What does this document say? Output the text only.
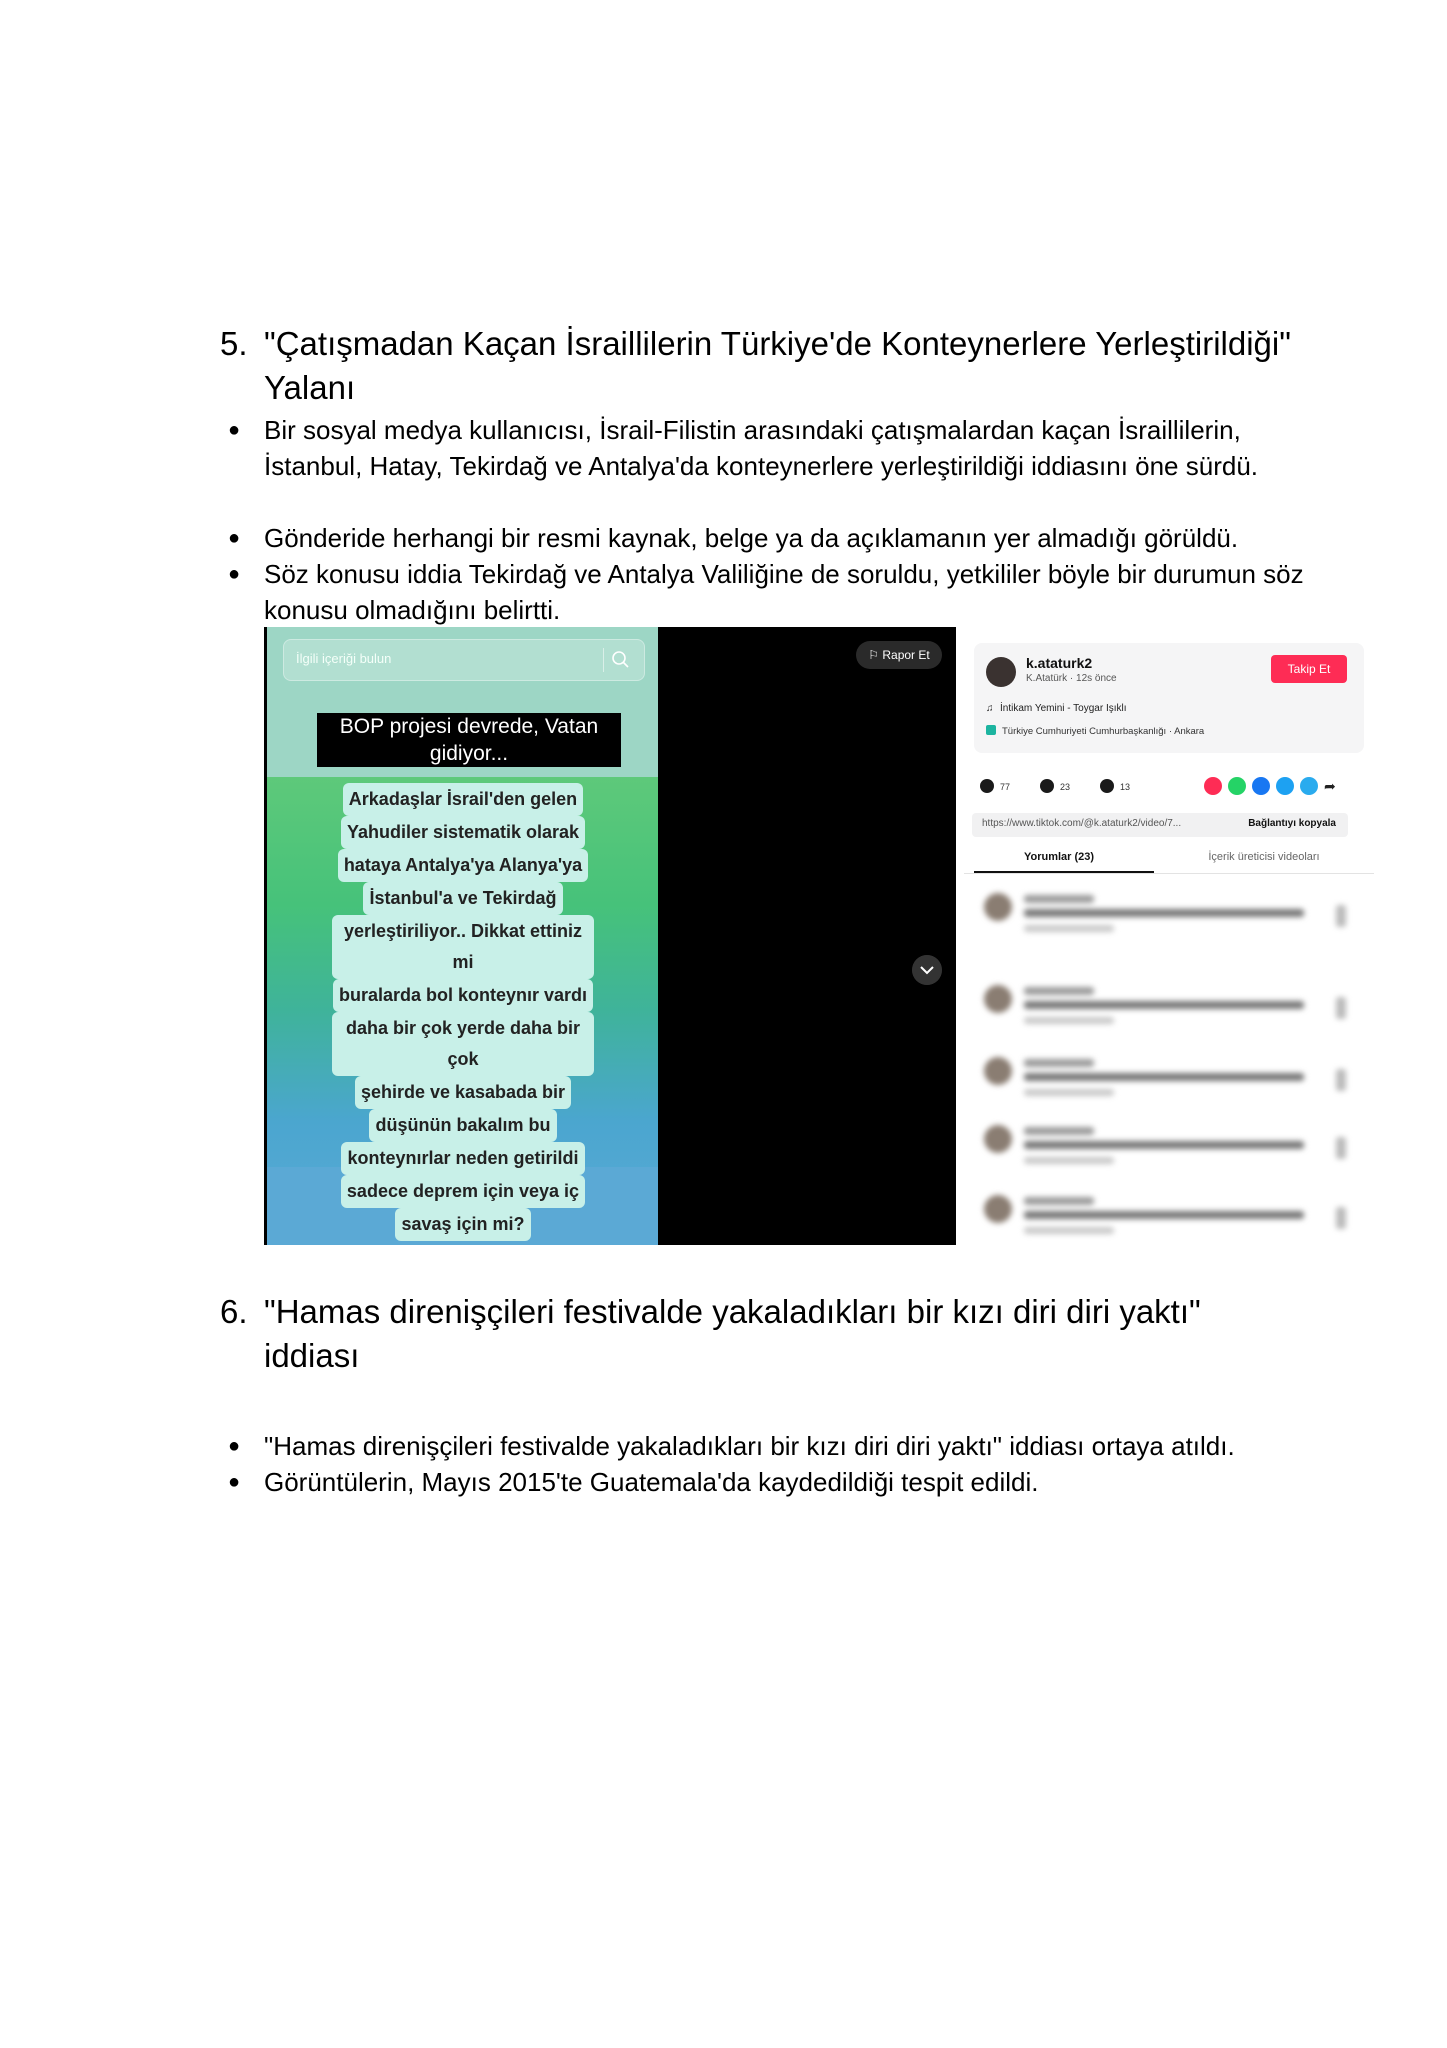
5. "Çatışmadan Kaçan İsraillilerin Türkiye'de Konteynerlere Yerleştirildiği" Yalanı
● Bir sosyal medya kullanıcısı, İsrail-Filistin arasındaki çatışmalardan kaçan İsraillilerin, İstanbul, Hatay, Tekirdağ ve Antalya'da konteynerlere yerleştirildiği iddiasını öne sürdü.
● Gönderide herhangi bir resmi kaynak, belge ya da açıklamanın yer almadığı görüldü.
● Söz konusu iddia Tekirdağ ve Antalya Valiliğine de soruldu, yetkililer böyle bir durumun söz konusu olmadığını belirtti.
İlgili içeriği bulun
BOP projesi devrede, Vatan gidiyor...
Arkadaşlar İsrail'den gelen
Yahudiler sistematik olarak
hataya Antalya'ya Alanya'ya
İstanbul'a ve Tekirdağ
yerleştiriliyor.. Dikkat ettiniz mi
buralarda bol konteynır vardı
daha bir çok yerde daha bir çok
şehirde ve kasabada bir
düşünün bakalım bu
konteynırlar neden getirildi
sadece deprem için veya iç
savaş için mi?
⚐ Rapor Et	k.ataturk2
K.Atatürk · 12s önce
Takip Et
♫ İntikam Yemini - Toygar Işıklı
Türkiye Cumhuriyeti Cumhurbaşkanlığı · Ankara
77	23	13	➦
https://www.tiktok.com/@k.ataturk2/video/7...	Bağlantıyı kopyala
Yorumlar (23)	İçerik üreticisi videoları
6. "Hamas direnişçileri festivalde yakaladıkları bir kızı diri diri yaktı" iddiası
● "Hamas direnişçileri festivalde yakaladıkları bir kızı diri diri yaktı" iddiası ortaya atıldı.
● Görüntülerin, Mayıs 2015'te Guatemala'da kaydedildiği tespit edildi.
